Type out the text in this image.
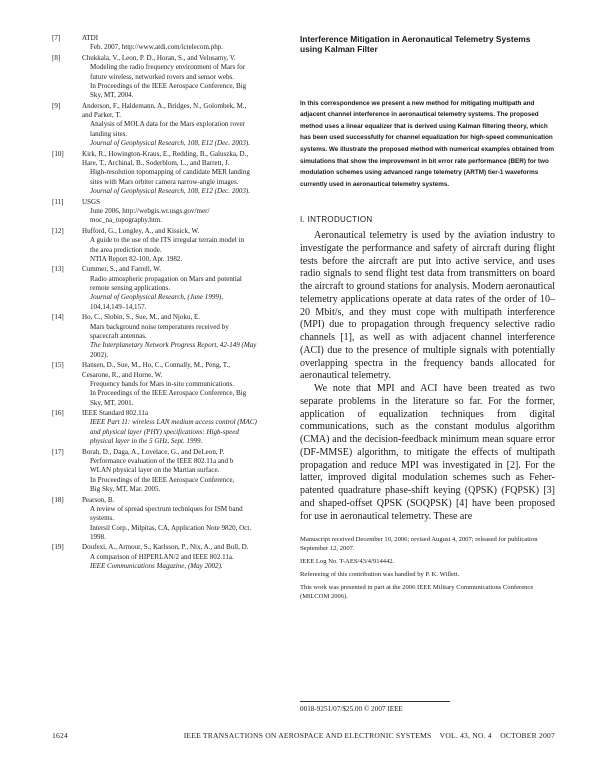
[7]	ATDI
Feb. 2007, http://www.atdi.com/ictelecom.php.
[8]	Chukkala, V., Leon, P. D., Horan, S., and Velusamy, V.
Modeling the radio frequency environment of Mars for
future wireless, networked rovers and sensor webs.
In Proceedings of the IEEE Aerospace Conference, Big
Sky, MT, 2004.
[9]	Anderson, F., Haldemann, A., Bridges, N., Golombek, M.,
and Parker, T.
Analysis of MOLA data for the Mars exploration rover
landing sites.
Journal of Geophysical Research, 108, E12 (Dec. 2003).
[10]	Kirk, R., Howington-Kraus, E., Redding, B., Galuszka, D.,
Hare, T., Archinal, B., Soderblom, L., and Barrett, J.
High-resolution topomapping of candidate MER landing
sites with Mars orbiter camera narrow-angle images.
Journal of Geophysical Research, 108, E12 (Dec. 2003).
[11]	USGS
June 2006, http://webgis.wr.usgs.gov/mer/
moc_na_topography.htm.
[12]	Hufford, G., Longley, A., and Kissick, W.
A guide to the use of the ITS irregular terrain model in
the area prediction mode.
NTIA Report 82-100, Apr. 1982.
[13]	Cummer, S., and Farrell, W.
Radio atmospheric propagation on Mars and potential
remote sensing applications.
Journal of Geophysical Research, (June 1999),
104,14,149–14,157.
[14]	Ho, C., Slobin, S., Sue, M., and Njoku, E.
Mars background noise temperatures received by
spacecraft antennas.
The Interplanetary Network Progress Report, 42-149 (May
2002).
[15]	Hansen, D., Sue, M., Ho, C., Connally, M., Peng, T.,
Cesarone, R., and Horne, W.
Frequency bands for Mars in-situ communications.
In Proceedings of the IEEE Aerospace Conference, Big
Sky, MT, 2001.
[16]	IEEE Standard 802.11a
IEEE Part 11: wireless LAN medium access control (MAC)
and physical layer (PHY) specifications: High-speed
physical layer in the 5 GHz, Sept. 1999.
[17]	Borah, D., Daga, A., Lovelace, G., and DeLeon, P.
Performance evaluation of the IEEE 802.11a and b
WLAN physical layer on the Martian surface.
In Proceedings of the IEEE Aerospace Conference,
Big Sky, MT, Mar. 2005.
[18]	Pearson, B.
A review of spread spectrum techniques for ISM band
systems.
Intersil Corp., Milpitas, CA, Application Note 9820, Oct.
1998.
[19]	Doufexi, A., Armour, S., Karlsson, P., Nix, A., and Bull, D.
A comparison of HIPERLAN/2 and IEEE 802.11a.
IEEE Communications Magazine, (May 2002).
Interference Mitigation in Aeronautical Telemetry Systems using Kalman Filter
In this correspondence we present a new method for mitigating multipath and adjacent channel interference in aeronautical telemetry systems. The proposed method uses a linear equalizer that is derived using Kalman filtering theory, which has been used successfully for channel equalization for high-speed communication systems. We illustrate the proposed method with numerical examples obtained from simulations that show the improvement in bit error rate performance (BER) for two modulation schemes using advanced range telemetry (ARTM) tier-1 waveforms currently used in aeronautical telemetry systems.
I. INTRODUCTION

Aeronautical telemetry is used by the aviation industry to investigate the performance and safety of aircraft during flight tests before the aircraft are put into active service, and uses radio signals to send flight test data from transmitters on board the aircraft to ground stations for analysis. Modern aeronautical telemetry applications operate at data rates of the order of 10–20 Mbit/s, and they must cope with multipath interference (MPI) due to propagation through frequency selective radio channels [1], as well as with adjacent channel interference (ACI) due to the presence of multiple signals with potentially overlapping spectra in the frequency bands allocated for aeronautical telemetry.

We note that MPI and ACI have been treated as two separate problems in the literature so far. For the former, application of equalization techniques from digital communications, such as the constant modulus algorithm (CMA) and the decision-feedback minimum mean square error (DF-MMSE) algorithm, to mitigate the effects of multipath propagation and reduce MPI was investigated in [2]. For the latter, improved digital modulation schemes such as Feher-patented quadrature phase-shift keying (QPSK) (FQPSK) [3] and shaped-offset QPSK (SOQPSK) [4] have been proposed for use in aeronautical telemetry. These are

Manuscript received December 10, 2006; revised August 4, 2007; released for publication September 12, 2007.

IEEE Log No. T-AES/43/4/914442.

Refereeing of this contribution was handled by P. K. Willett.

This work was presented in part at the 2006 IEEE Military Communications Conference (MILCOM 2006).

0018-9251/07/$25.00 © 2007 IEEE
1624	IEEE TRANSACTIONS ON AEROSPACE AND ELECTRONIC SYSTEMS    VOL. 43, NO. 4    OCTOBER 2007
